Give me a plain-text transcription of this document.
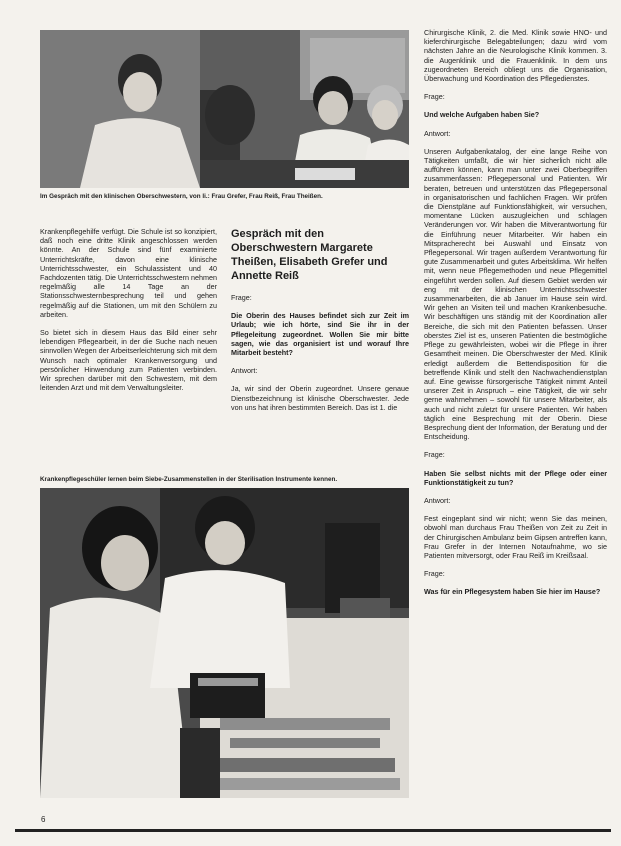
Im Gespräch mit den klinischen Oberschwestern, von li.: Frau Grefer, Frau Reiß, Frau Theißen.

Krankenpflegehilfe verfügt. Die Schule ist so konzipiert, daß noch eine dritte Klinik angeschlossen werden könnte. An der Schule sind fünf examinierte Unterrichtskräfte, davon eine klinische Unterrichtsschwester, ein Schulassistent und 40 Fachdozenten tätig. Die Unterrichtsschwestern nehmen regelmäßig alle 14 Tage an der Stationsschwesternbesprechung teil und gehen regelmäßig auf die Stationen, um mit den Schülern zu arbeiten.

So bietet sich in diesem Haus das Bild einer sehr lebendigen Pflegearbeit, in der die Suche nach neuen sinnvollen Wegen der Arbeitserleichterung sich mit dem Wunsch nach optimaler Krankenversorgung und persönlicher Hinwendung zum Patienten verbinden. Wir sprechen darüber mit den Schwestern, mit dem leitenden Arzt und mit dem Verwaltungsleiter.

Gespräch mit den Oberschwestern Margarete Theißen, Elisabeth Grefer und Annette Reiß

Frage:

Die Oberin des Hauses befindet sich zur Zeit im Urlaub; wie ich hörte, sind Sie ihr in der Pflegeleitung zugeordnet. Wollen Sie mir bitte sagen, wie das organisiert ist und worauf Ihre Mitarbeit besteht?

Antwort:

Ja, wir sind der Oberin zugeordnet. Unsere genaue Dienstbezeichnung ist klinische Oberschwester. Jede von uns hat ihren bestimmten Bereich. Das ist 1. die

Krankenpflegeschüler lernen beim Siebe-Zusammenstellen in der Sterilisation Instrumente kennen.

Chirurgische Klinik, 2. die Med. Klinik sowie HNO- und kieferchirurgische Belegabteilungen; dazu wird vom nächsten Jahre an die Neurologische Klinik kommen. 3. die Augenklinik und die Frauenklinik. In dem uns zugeordneten Bereich obliegt uns die Organisation, Überwachung und Koordination des Pflegedienstes.

Frage:

Und welche Aufgaben haben Sie?

Antwort:

Unseren Aufgabenkatalog, der eine lange Reihe von Tätigkeiten umfaßt, die wir hier sicherlich nicht alle aufführen können, kann man unter zwei Oberbegriffen zusammenfassen: Pflegepersonal und Patienten. Wir beraten, betreuen und unterstützen das Pflegepersonal in organisatorischen und fachlichen Fragen. Wir prüfen die Dienstpläne auf Funktionsfähigkeit, wir versuchen, momentane Lücken auszugleichen und schlagen Veränderungen vor. Wir haben die Mitverantwortung für die Einführung neuer Mitarbeiter. Wir haben ein Mitspracherecht bei Auswahl und Einsatz von Pflegepersonal. Wir tragen außerdem Verantwortung für gute Zusammenarbeit und gutes Arbeitsklima. Wir helfen mit, wenn neue Pflegemethoden und neue Pflegemittel eingeführt werden sollen. Auf diesem Gebiet werden wir eng mit der klinischen Unterrichtsschwester zusammenarbeiten, die ab Januer im Hause sein wird. Wir gehen an Visiten teil und machen Krankenbesuche. Wir beschäftigen uns ständig mit der Koordination aller Bereiche, die sich mit den Patienten befassen. Unser oberstes Ziel ist es, unseren Patienten die bestmögliche Pflege zu gewährleisten, wobei wir die Pflege in ihrer Gesamtheit meinen. Die Oberschwester der Med. Klinik erledigt außerdem die Bettendisposition für die betreffende Klinik und stellt den Nachwachendienstplan auf. Eine gewisse fürsorgerische Tätigkeit nimmt Anteil unserer Zeit in Anspruch – eine Tätigkeit, die wir sehr gerne wahrnehmen – sowohl für unsere Mitarbeiter, als auch und nicht zuletzt für unsere Patienten. Wir haben täglich eine Besprechung mit der Oberin. Diese Besprechung dient der Information, der Beratung und der Entscheidung.

Frage:

Haben Sie selbst nichts mit der Pflege oder einer Funktionstätigkeit zu tun?

Antwort:

Fest eingeplant sind wir nicht; wenn Sie das meinen, obwohl man durchaus Frau Theißen von Zeit zu Zeit in der Chirurgischen Ambulanz beim Gipsen antreffen kann, Frau Grefer in der Internen Notaufnahme, wo sie Patienten mitversorgt, oder Frau Reiß im Kreißsaal.

Frage:

Was für ein Pflegesystem haben Sie hier im Hause?

6
